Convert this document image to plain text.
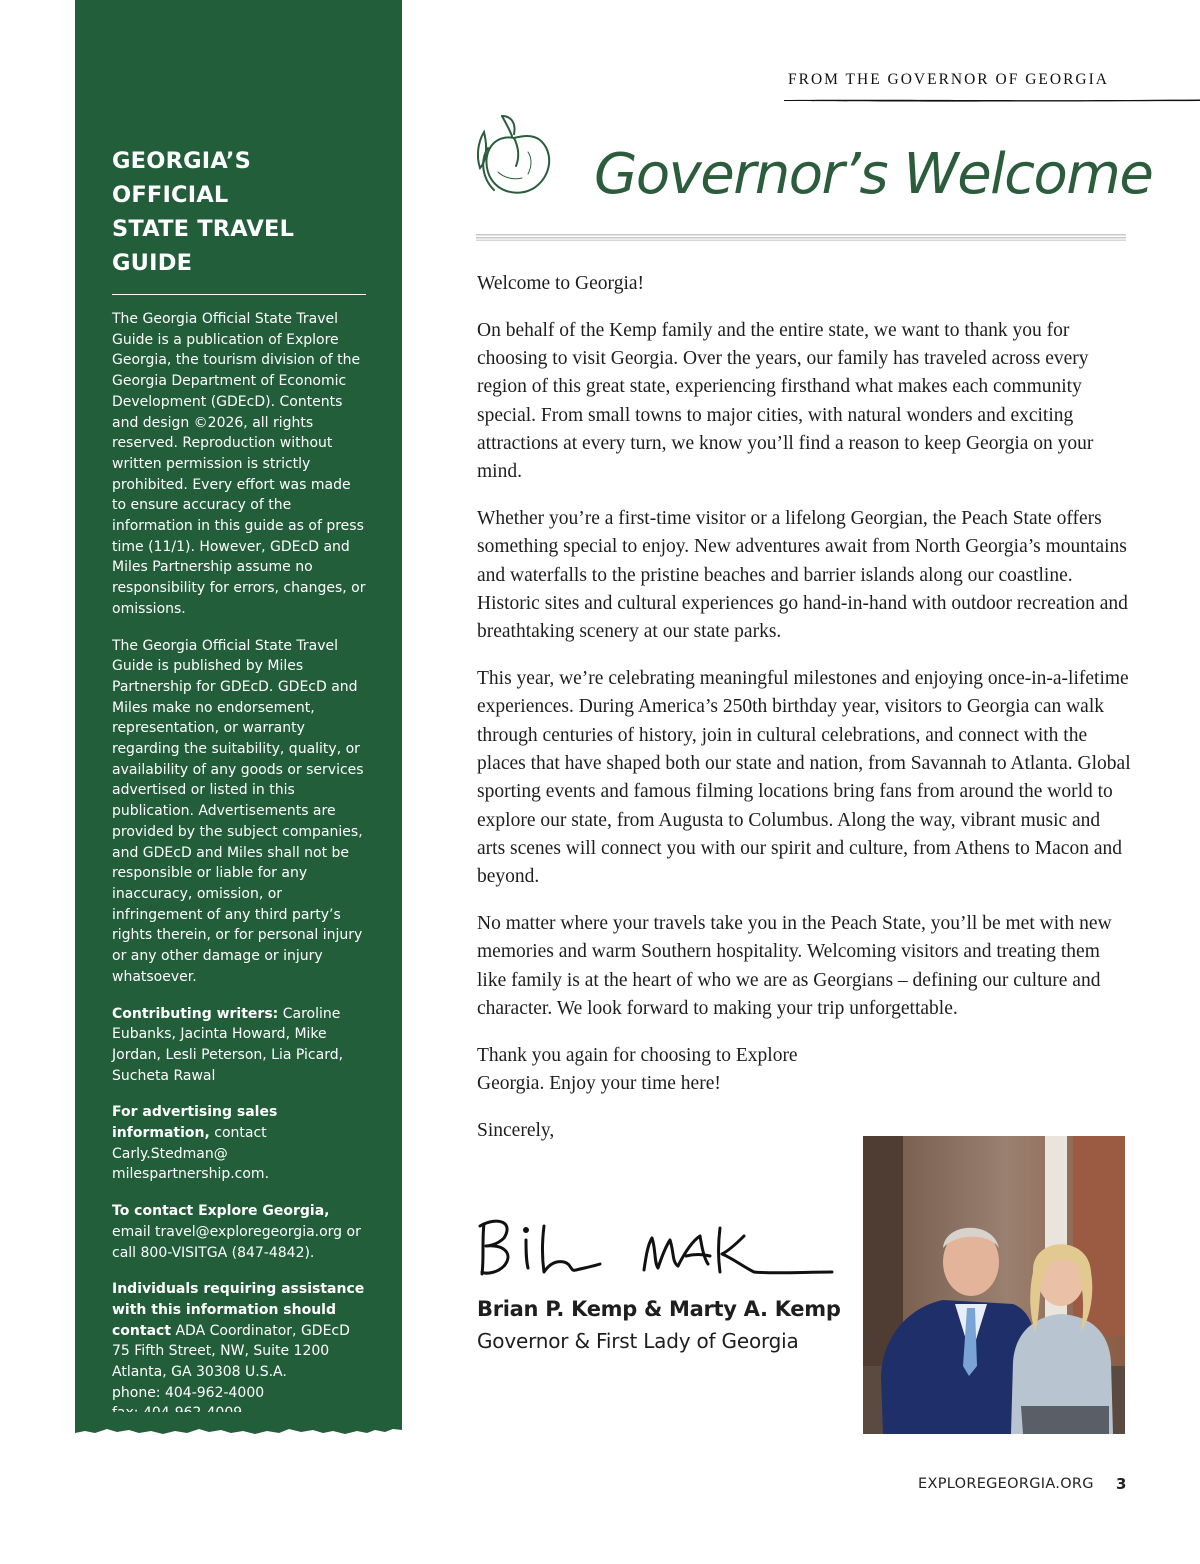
GEORGIA’S OFFICIAL
STATE TRAVEL GUIDE

The Georgia Official State Travel Guide is a publication of Explore Georgia, the tourism division of the Georgia Department of Economic Development (GDEcD). Contents and design ©2026, all rights reserved. Reproduction without written permission is strictly prohibited. Every effort was made to ensure accuracy of the information in this guide as of press time (11/1). However, GDEcD and Miles Partnership assume no responsibility for errors, changes, or omissions.

The Georgia Official State Travel Guide is published by Miles Partnership for GDEcD. GDEcD and Miles make no endorsement, representation, or warranty regarding the suitability, quality, or availability of any goods or services advertised or listed in this publication. Advertisements are provided by the subject companies, and GDEcD and Miles shall not be responsible or liable for any inaccuracy, omission, or infringement of any third party’s rights therein, or for personal injury or any other damage or injury whatsoever.

Contributing writers: Caroline Eubanks, Jacinta Howard, Mike Jordan, Lesli Peterson, Lia Picard, Sucheta Rawal

For advertising sales information, contact Carly.Stedman@ milespartnership.com.

To contact Explore Georgia, email travel@exploregeorgia.org or call 800-VISITGA (847-4842).

Individuals requiring assistance with this information should contact ADA Coordinator, GDEcD
75 Fifth Street, NW, Suite 1200
Atlanta, GA 30308 U.S.A.
phone: 404-962-4000

FROM THE GOVERNOR OF GEORGIA
Governor’s Welcome

Welcome to Georgia!

On behalf of the Kemp family and the entire state, we want to thank you for choosing to visit Georgia. Over the years, our family has traveled across every region of this great state, experiencing firsthand what makes each community special. From small towns to major cities, with natural wonders and exciting attractions at every turn, we know you’ll find a reason to keep Georgia on your mind.

Whether you’re a first-time visitor or a lifelong Georgian, the Peach State offers something special to enjoy. New adventures await from North Georgia’s mountains and waterfalls to the pristine beaches and barrier islands along our coastline. Historic sites and cultural experiences go hand-in-hand with outdoor recreation and breathtaking scenery at our state parks.

This year, we’re celebrating meaningful milestones and enjoying once-in-a-lifetime experiences. During America’s 250th birthday year, visitors to Georgia can walk through centuries of history, join in cultural celebrations, and connect with the places that have shaped both our state and nation, from Savannah to Atlanta. Global sporting events and famous filming locations bring fans from around the world to explore our state, from Augusta to Columbus. Along the way, vibrant music and arts scenes will connect you with our spirit and culture, from Athens to Macon and beyond.

No matter where your travels take you in the Peach State, you’ll be met with new memories and warm Southern hospitality. Welcoming visitors and treating them like family is at the heart of who we are as Georgians – defining our culture and character. We look forward to making your trip unforgettable.

Thank you again for choosing to Explore Georgia. Enjoy your time here!

Sincerely,

Brian P. Kemp & Marty A. Kemp
Governor & First Lady of Georgia
EXPLOREGEORGIA.ORG 3
